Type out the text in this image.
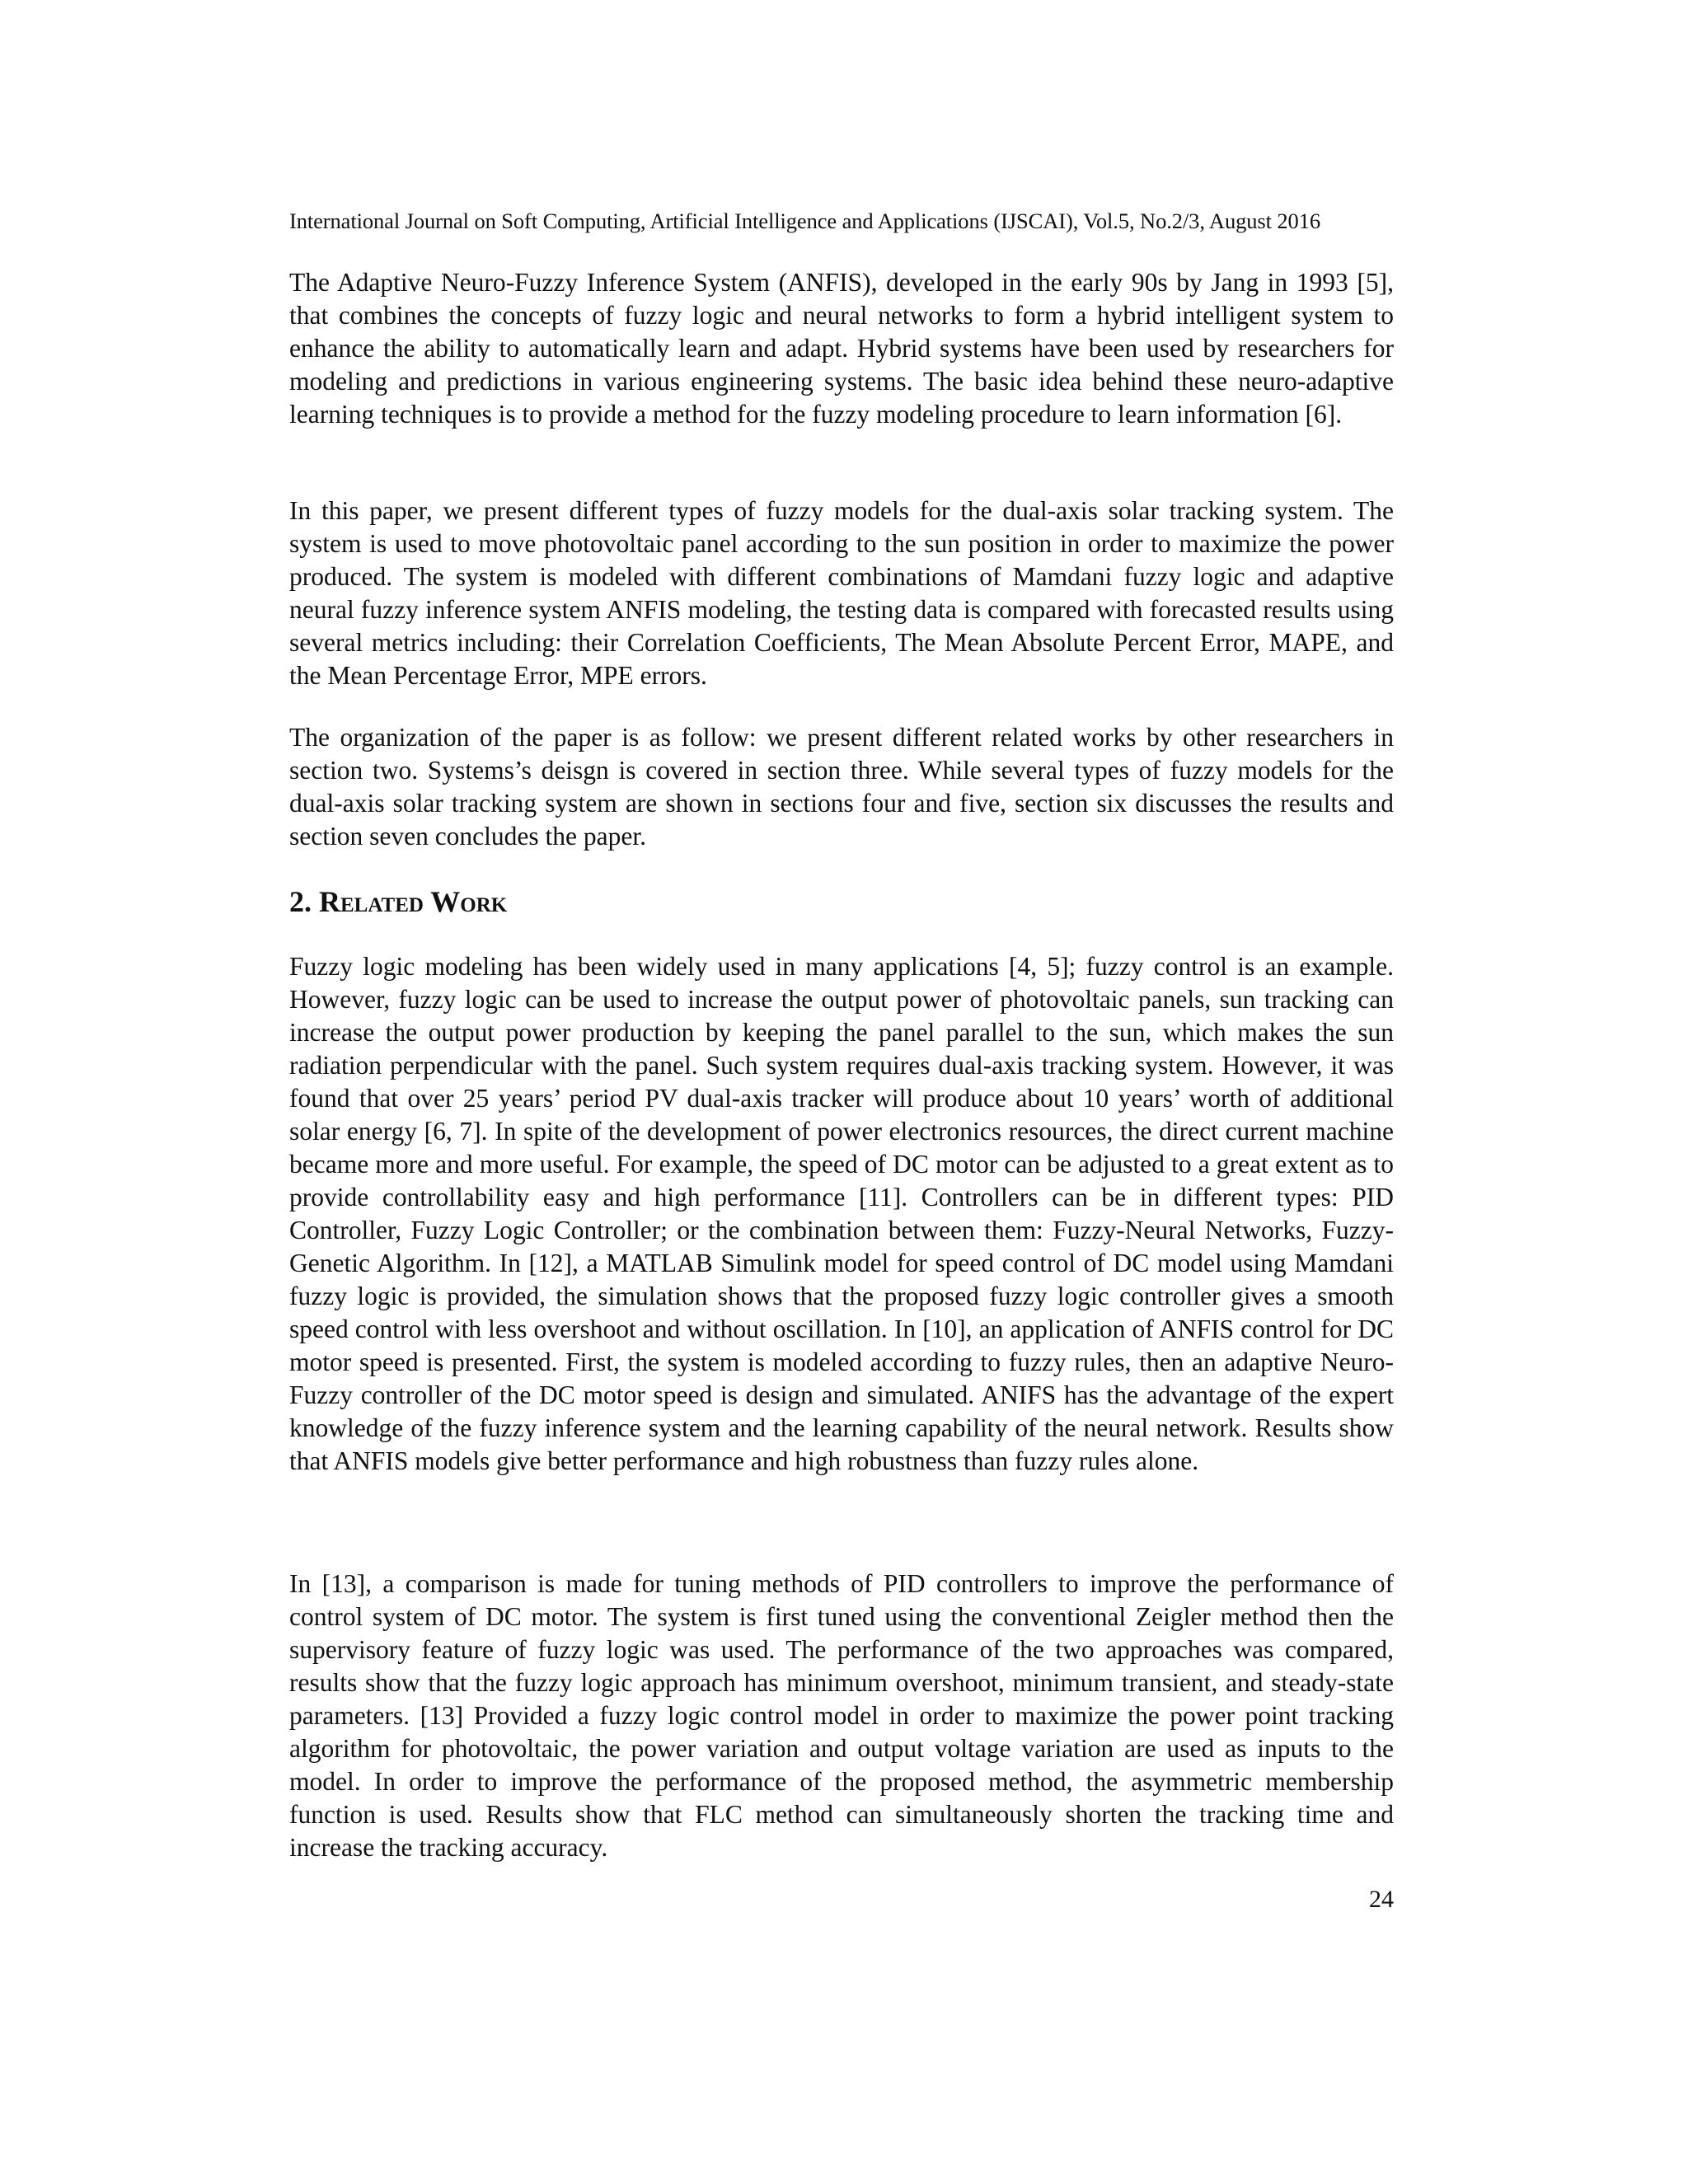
International Journal on Soft Computing, Artificial Intelligence and Applications (IJSCAI), Vol.5, No.2/3, August 2016

The Adaptive Neuro-Fuzzy Inference System (ANFIS), developed in the early 90s by Jang in 1993 [5], that combines the concepts of fuzzy logic and neural networks to form a hybrid intelligent system to enhance the ability to automatically learn and adapt. Hybrid systems have been used by researchers for modeling and predictions in various engineering systems. The basic idea behind these neuro-adaptive learning techniques is to provide a method for the fuzzy modeling procedure to learn information [6].

In this paper, we present different types of fuzzy models for the dual-axis solar tracking system. The system is used to move photovoltaic panel according to the sun position in order to maximize the power produced. The system is modeled with different combinations of Mamdani fuzzy logic and adaptive neural fuzzy inference system ANFIS modeling, the testing data is compared with forecasted results using several metrics including: their Correlation Coefficients, The Mean Absolute Percent Error, MAPE, and the Mean Percentage Error, MPE errors.

The organization of the paper is as follow: we present different related works by other researchers in section two. Systems’s deisgn is covered in section three. While several types of fuzzy models for the dual-axis solar tracking system are shown in sections four and five, section six discusses the results and section seven concludes the paper.

2. Related Work

Fuzzy logic modeling has been widely used in many applications [4, 5]; fuzzy control is an example. However, fuzzy logic can be used to increase the output power of photovoltaic panels, sun tracking can increase the output power production by keeping the panel parallel to the sun, which makes the sun radiation perpendicular with the panel. Such system requires dual-axis tracking system. However, it was found that over 25 years’ period PV dual-axis tracker will produce about 10 years’ worth of additional solar energy [6, 7]. In spite of the development of power electronics resources, the direct current machine became more and more useful. For example, the speed of DC motor can be adjusted to a great extent as to provide controllability easy and high performance [11]. Controllers can be in different types: PID Controller, Fuzzy Logic Controller; or the combination between them: Fuzzy-Neural Networks, Fuzzy-Genetic Algorithm. In [12], a MATLAB Simulink model for speed control of DC model using Mamdani fuzzy logic is provided, the simulation shows that the proposed fuzzy logic controller gives a smooth speed control with less overshoot and without oscillation. In [10], an application of ANFIS control for DC motor speed is presented. First, the system is modeled according to fuzzy rules, then an adaptive Neuro-Fuzzy controller of the DC motor speed is design and simulated. ANIFS has the advantage of the expert knowledge of the fuzzy inference system and the learning capability of the neural network. Results show that ANFIS models give better performance and high robustness than fuzzy rules alone.

In [13], a comparison is made for tuning methods of PID controllers to improve the performance of control system of DC motor. The system is first tuned using the conventional Zeigler method then the supervisory feature of fuzzy logic was used. The performance of the two approaches was compared, results show that the fuzzy logic approach has minimum overshoot, minimum transient, and steady-state parameters. [13] Provided a fuzzy logic control model in order to maximize the power point tracking algorithm for photovoltaic, the power variation and output voltage variation are used as inputs to the model. In order to improve the performance of the proposed method, the asymmetric membership function is used. Results show that FLC method can simultaneously shorten the tracking time and increase the tracking accuracy.

24
